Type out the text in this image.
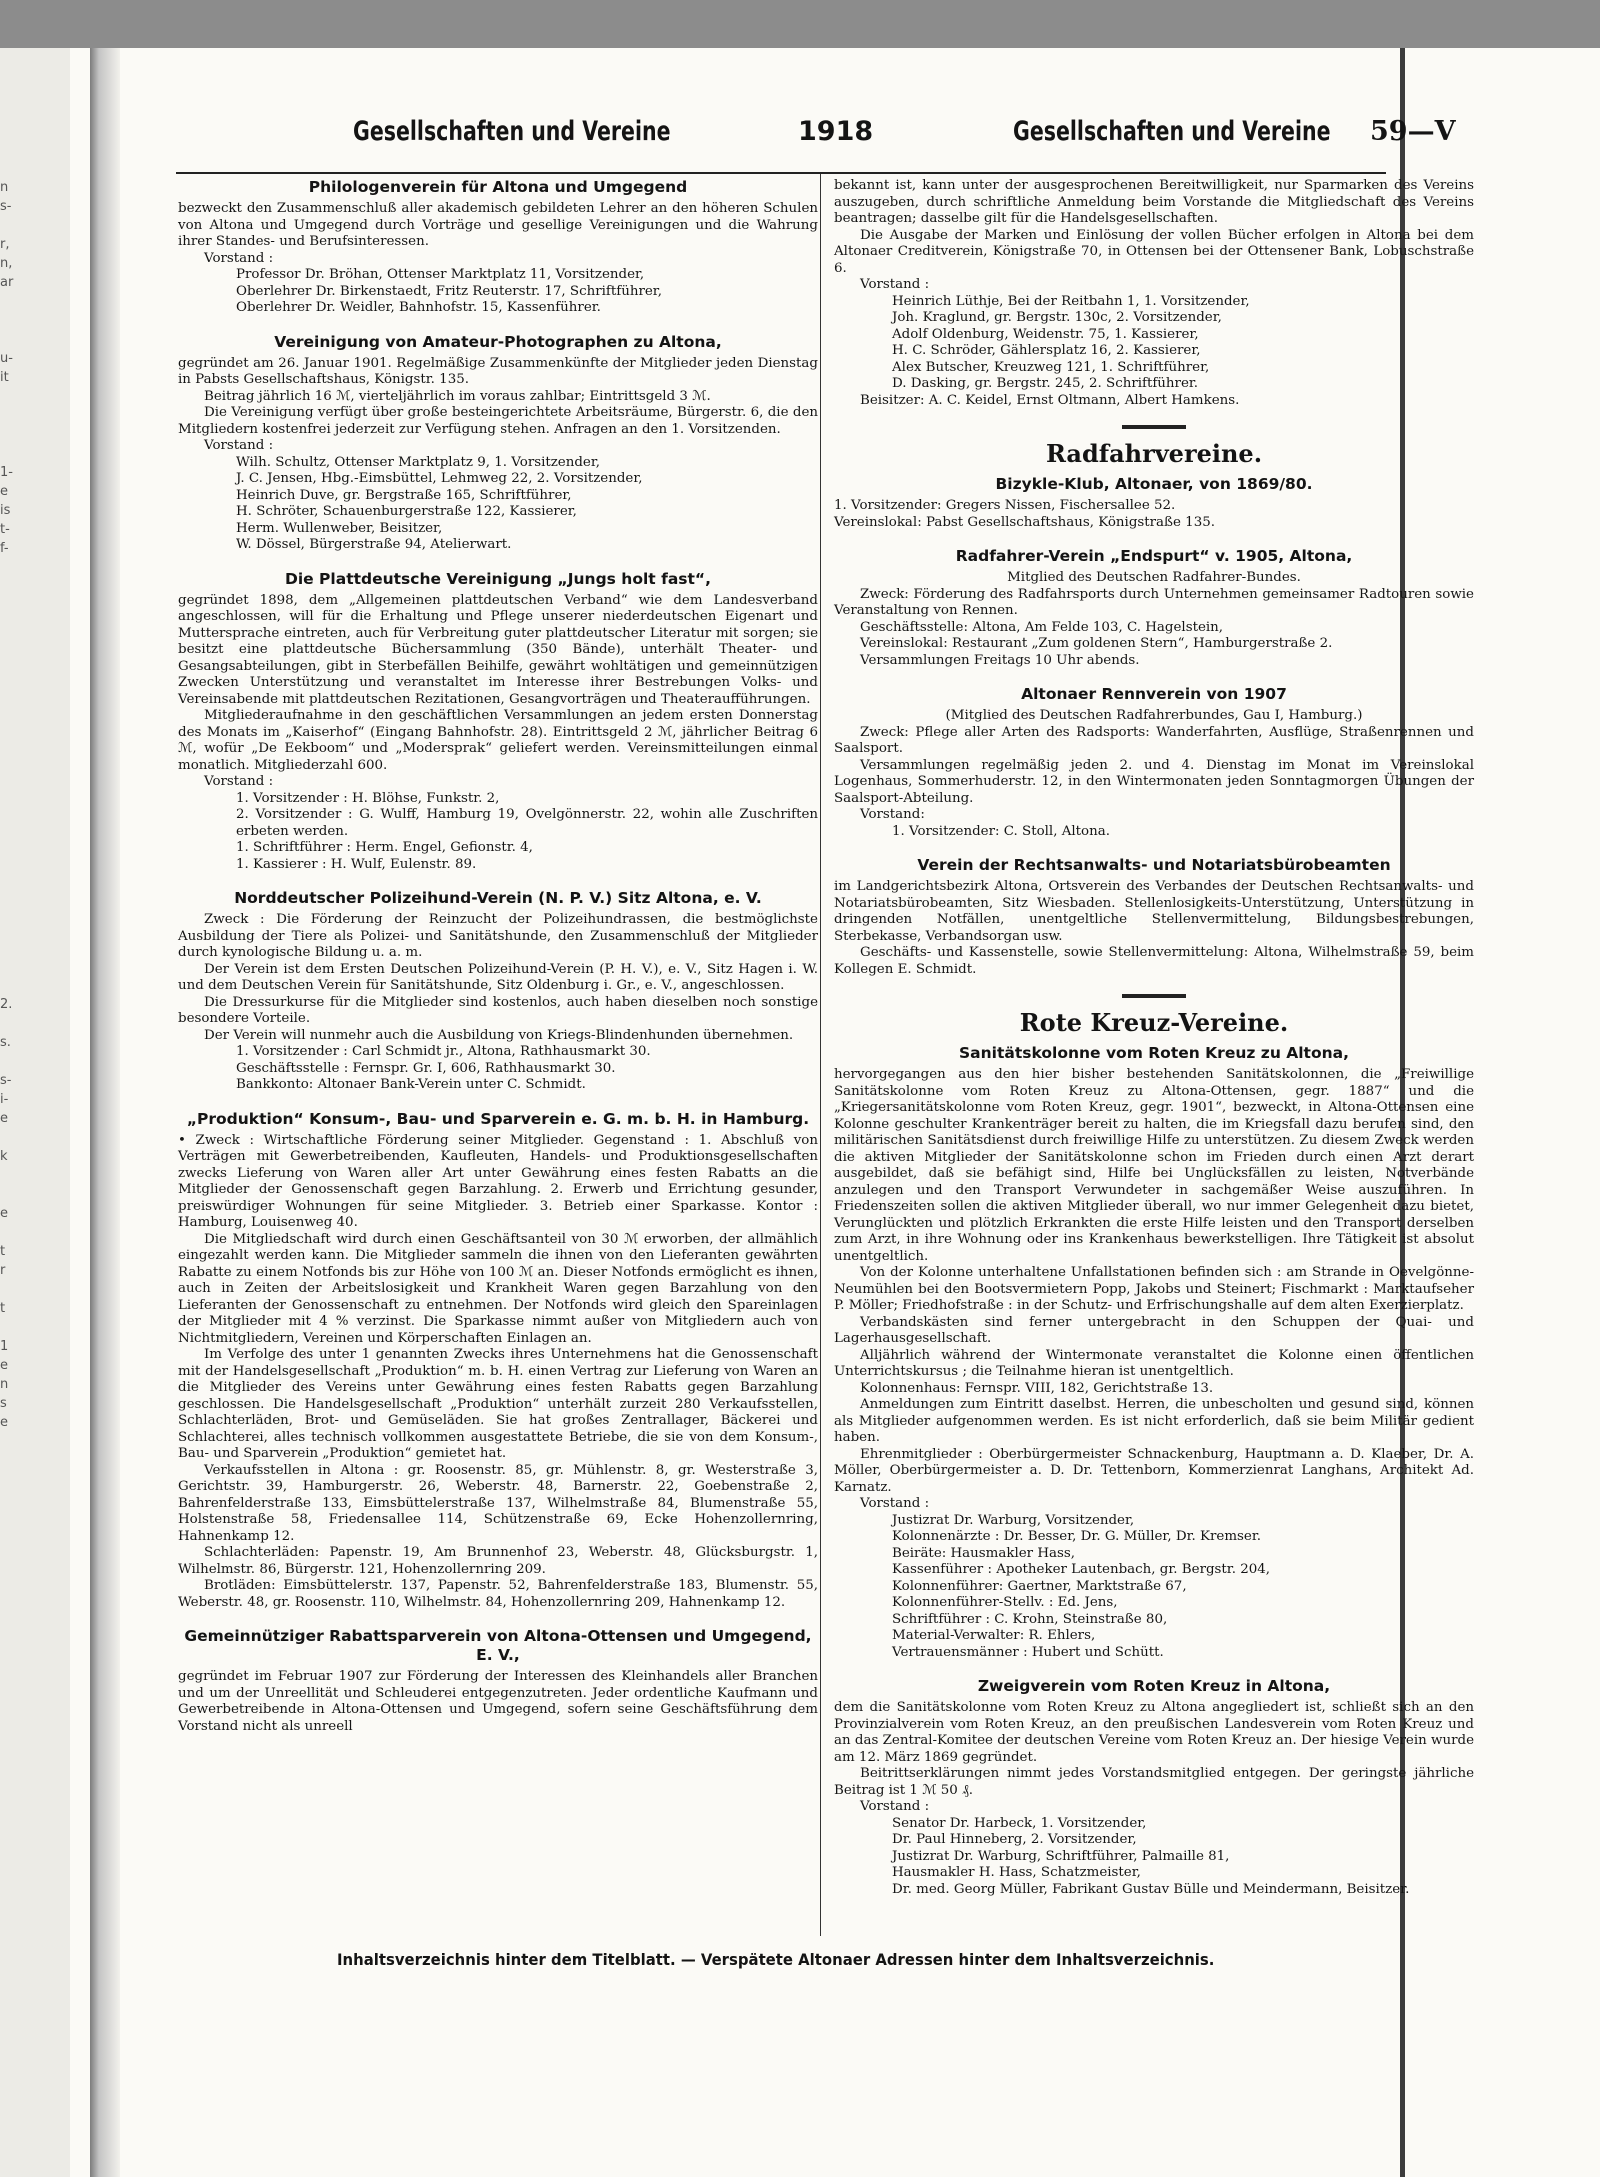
n
s-
r,
n,
ar
u-
it
1-
e
is
t-
f-
2.
s.
s-
i-
e
k
e
t
r
t
1
e
n
s
e
Gesellschaften und Vereine	1918	Gesellschaften und Vereine 59—V
Philologenverein für Altona und Umgegend

bezweckt den Zusammenschluß aller akademisch gebildeten Lehrer an den höheren Schulen von Altona und Umgegend durch Vorträge und gesellige Vereinigungen und die Wahrung ihrer Standes- und Berufsinteressen.

Vorstand :

Professor Dr. Bröhan, Ottenser Marktplatz 11, Vorsitzender,

Oberlehrer Dr. Birkenstaedt, Fritz Reuterstr. 17, Schriftführer,

Oberlehrer Dr. Weidler, Bahnhofstr. 15, Kassenführer.

Vereinigung von Amateur-Photographen zu Altona,

gegründet am 26. Januar 1901. Regelmäßige Zusammenkünfte der Mitglieder jeden Dienstag in Pabsts Gesellschaftshaus, Königstr. 135.

Beitrag jährlich 16 ℳ, vierteljährlich im voraus zahlbar; Eintrittsgeld 3 ℳ.

Die Vereinigung verfügt über große besteingerichtete Arbeitsräume, Bürgerstr. 6, die den Mitgliedern kostenfrei jederzeit zur Verfügung stehen. Anfragen an den 1. Vorsitzenden.

Vorstand :

Wilh. Schultz, Ottenser Marktplatz 9, 1. Vorsitzender,

J. C. Jensen, Hbg.-Eimsbüttel, Lehmweg 22, 2. Vorsitzender,

Heinrich Duve, gr. Bergstraße 165, Schriftführer,

H. Schröter, Schauenburgerstraße 122, Kassierer,

Herm. Wullenweber, Beisitzer,

W. Dössel, Bürgerstraße 94, Atelierwart.

Die Plattdeutsche Vereinigung „Jungs holt fast“,

gegründet 1898, dem „Allgemeinen plattdeutschen Verband“ wie dem Landesverband angeschlossen, will für die Erhaltung und Pflege unserer niederdeutschen Eigenart und Muttersprache eintreten, auch für Verbreitung guter plattdeutscher Literatur mit sorgen; sie besitzt eine plattdeutsche Büchersammlung (350 Bände), unterhält Theater- und Gesangsabteilungen, gibt in Sterbefällen Beihilfe, gewährt wohltätigen und gemeinnützigen Zwecken Unterstützung und veranstaltet im Interesse ihrer Bestrebungen Volks- und Vereinsabende mit plattdeutschen Rezitationen, Gesangvorträgen und Theateraufführungen.

Mitgliederaufnahme in den geschäftlichen Versammlungen an jedem ersten Donnerstag des Monats im „Kaiserhof“ (Eingang Bahnhofstr. 28). Eintrittsgeld 2 ℳ, jährlicher Beitrag 6 ℳ, wofür „De Eekboom“ und „Modersprak“ geliefert werden. Vereinsmitteilungen einmal monatlich. Mitgliederzahl 600.

Vorstand :

1. Vorsitzender : H. Blöhse, Funkstr. 2,

2. Vorsitzender : G. Wulff, Hamburg 19, Ovelgönnerstr. 22, wohin alle Zuschriften erbeten werden.

1. Schriftführer : Herm. Engel, Gefionstr. 4,

1. Kassierer : H. Wulf, Eulenstr. 89.

Norddeutscher Polizeihund-Verein (N. P. V.) Sitz Altona, e. V.

Zweck : Die Förderung der Reinzucht der Polizeihundrassen, die bestmöglichste Ausbildung der Tiere als Polizei- und Sanitätshunde, den Zusammenschluß der Mitglieder durch kynologische Bildung u. a. m.

Der Verein ist dem Ersten Deutschen Polizeihund-Verein (P. H. V.), e. V., Sitz Hagen i. W. und dem Deutschen Verein für Sanitätshunde, Sitz Oldenburg i. Gr., e. V., angeschlossen.

Die Dressurkurse für die Mitglieder sind kostenlos, auch haben dieselben noch sonstige besondere Vorteile.

Der Verein will nunmehr auch die Ausbildung von Kriegs-Blindenhunden übernehmen.

1. Vorsitzender : Carl Schmidt jr., Altona, Rathhausmarkt 30.

Geschäftsstelle : Fernspr. Gr. I, 606, Rathhausmarkt 30.

Bankkonto: Altonaer Bank-Verein unter C. Schmidt.

„Produktion“ Konsum-, Bau- und Sparverein e. G. m. b. H. in Hamburg.

• Zweck : Wirtschaftliche Förderung seiner Mitglieder. Gegenstand : 1. Abschluß von Verträgen mit Gewerbetreibenden, Kaufleuten, Handels- und Produktionsgesellschaften zwecks Lieferung von Waren aller Art unter Gewährung eines festen Rabatts an die Mitglieder der Genossenschaft gegen Barzahlung. 2. Erwerb und Errichtung gesunder, preiswürdiger Wohnungen für seine Mitglieder. 3. Betrieb einer Sparkasse. Kontor : Hamburg, Louisenweg 40.

Die Mitgliedschaft wird durch einen Geschäftsanteil von 30 ℳ erworben, der allmählich eingezahlt werden kann. Die Mitglieder sammeln die ihnen von den Lieferanten gewährten Rabatte zu einem Notfonds bis zur Höhe von 100 ℳ an. Dieser Notfonds ermöglicht es ihnen, auch in Zeiten der Arbeitslosigkeit und Krankheit Waren gegen Barzahlung von den Lieferanten der Genossenschaft zu entnehmen. Der Notfonds wird gleich den Spareinlagen der Mitglieder mit 4 % verzinst. Die Sparkasse nimmt außer von Mitgliedern auch von Nichtmitgliedern, Vereinen und Körperschaften Einlagen an.

Im Verfolge des unter 1 genannten Zwecks ihres Unternehmens hat die Genossenschaft mit der Handelsgesellschaft „Produktion“ m. b. H. einen Vertrag zur Lieferung von Waren an die Mitglieder des Vereins unter Gewährung eines festen Rabatts gegen Barzahlung geschlossen. Die Handelsgesellschaft „Produktion“ unterhält zurzeit 280 Verkaufsstellen, Schlachterläden, Brot- und Gemüseläden. Sie hat großes Zentrallager, Bäckerei und Schlachterei, alles technisch vollkommen ausgestattete Betriebe, die sie von dem Konsum-, Bau- und Sparverein „Produktion“ gemietet hat.

Verkaufsstellen in Altona : gr. Roosenstr. 85, gr. Mühlenstr. 8, gr. Westerstraße 3, Gerichtstr. 39, Hamburgerstr. 26, Weberstr. 48, Barnerstr. 22, Goebenstraße 2, Bahrenfelderstraße 133, Eimsbüttelerstraße 137, Wilhelmstraße 84, Blumenstraße 55, Holstenstraße 58, Friedensallee 114, Schützenstraße 69, Ecke Hohenzollernring, Hahnenkamp 12.

Schlachterläden: Papenstr. 19, Am Brunnenhof 23, Weberstr. 48, Glücksburgstr. 1, Wilhelmstr. 86, Bürgerstr. 121, Hohenzollernring 209.

Brotläden: Eimsbüttelerstr. 137, Papenstr. 52, Bahrenfelderstraße 183, Blumenstr. 55, Weberstr. 48, gr. Roosenstr. 110, Wilhelmstr. 84, Hohenzollernring 209, Hahnenkamp 12.

Gemeinnütziger Rabattsparverein von Altona-Ottensen und Umgegend, E. V.,

gegründet im Februar 1907 zur Förderung der Interessen des Kleinhandels aller Branchen und um der Unreellität und Schleuderei entgegenzutreten. Jeder ordentliche Kaufmann und Gewerbetreibende in Altona-Ottensen und Umgegend, sofern seine Geschäftsführung dem Vorstand nicht als unreell

bekannt ist, kann unter der ausgesprochenen Bereitwilligkeit, nur Sparmarken des Vereins auszugeben, durch schriftliche Anmeldung beim Vorstande die Mitgliedschaft des Vereins beantragen; dasselbe gilt für die Handelsgesellschaften.

Die Ausgabe der Marken und Einlösung der vollen Bücher erfolgen in Altona bei dem Altonaer Creditverein, Königstraße 70, in Ottensen bei der Ottensener Bank, Lobuschstraße 6.

Vorstand :

Heinrich Lüthje, Bei der Reitbahn 1, 1. Vorsitzender,

Joh. Kraglund, gr. Bergstr. 130c, 2. Vorsitzender,

Adolf Oldenburg, Weidenstr. 75, 1. Kassierer,

H. C. Schröder, Gählersplatz 16, 2. Kassierer,

Alex Butscher, Kreuzweg 121, 1. Schriftführer,

D. Dasking, gr. Bergstr. 245, 2. Schriftführer.

Beisitzer: A. C. Keidel, Ernst Oltmann, Albert Hamkens.

Radfahrvereine.
Bizykle-Klub, Altonaer, von 1869/80.

1. Vorsitzender: Gregers Nissen, Fischersallee 52.

Vereinslokal: Pabst Gesellschaftshaus, Königstraße 135.

Radfahrer-Verein „Endspurt“ v. 1905, Altona,

Mitglied des Deutschen Radfahrer-Bundes.

Zweck: Förderung des Radfahrsports durch Unternehmen gemeinsamer Radtouren sowie Veranstaltung von Rennen.

Geschäftsstelle: Altona, Am Felde 103, C. Hagelstein,

Vereinslokal: Restaurant „Zum goldenen Stern“, Hamburgerstraße 2.

Versammlungen Freitags 10 Uhr abends.

Altonaer Rennverein von 1907

(Mitglied des Deutschen Radfahrerbundes, Gau I, Hamburg.)

Zweck: Pflege aller Arten des Radsports: Wanderfahrten, Ausflüge, Straßenrennen und Saalsport.

Versammlungen regelmäßig jeden 2. und 4. Dienstag im Monat im Vereinslokal Logenhaus, Sommerhuderstr. 12, in den Wintermonaten jeden Sonntagmorgen Übungen der Saalsport-Abteilung.

Vorstand:

1. Vorsitzender: C. Stoll, Altona.

Verein der Rechtsanwalts- und Notariatsbürobeamten

im Landgerichtsbezirk Altona, Ortsverein des Verbandes der Deutschen Rechtsanwalts- und Notariatsbürobeamten, Sitz Wiesbaden. Stellenlosigkeits-Unterstützung, Unterstützung in dringenden Notfällen, unentgeltliche Stellenvermittelung, Bildungsbestrebungen, Sterbekasse, Verbandsorgan usw.

Geschäfts- und Kassenstelle, sowie Stellenvermittelung: Altona, Wilhelmstraße 59, beim Kollegen E. Schmidt.

Rote Kreuz-Vereine.
Sanitätskolonne vom Roten Kreuz zu Altona,

hervorgegangen aus den hier bisher bestehenden Sanitätskolonnen, die „Freiwillige Sanitätskolonne vom Roten Kreuz zu Altona-Ottensen, gegr. 1887“ und die „Kriegersanitätskolonne vom Roten Kreuz, gegr. 1901“, bezweckt, in Altona-Ottensen eine Kolonne geschulter Krankenträger bereit zu halten, die im Kriegsfall dazu berufen sind, den militärischen Sanitätsdienst durch freiwillige Hilfe zu unterstützen. Zu diesem Zweck werden die aktiven Mitglieder der Sanitätskolonne schon im Frieden durch einen Arzt derart ausgebildet, daß sie befähigt sind, Hilfe bei Unglücksfällen zu leisten, Notverbände anzulegen und den Transport Verwundeter in sachgemäßer Weise auszuführen. In Friedenszeiten sollen die aktiven Mitglieder überall, wo nur immer Gelegenheit dazu bietet, Verunglückten und plötzlich Erkrankten die erste Hilfe leisten und den Transport derselben zum Arzt, in ihre Wohnung oder ins Krankenhaus bewerkstelligen. Ihre Tätigkeit ist absolut unentgeltlich.

Von der Kolonne unterhaltene Unfallstationen befinden sich : am Strande in Oevelgönne-Neumühlen bei den Bootsvermietern Popp, Jakobs und Steinert; Fischmarkt : Marktaufseher P. Möller; Friedhofstraße : in der Schutz- und Erfrischungshalle auf dem alten Exerzierplatz.

Verbandskästen sind ferner untergebracht in den Schuppen der Quai- und Lagerhausgesellschaft.

Alljährlich während der Wintermonate veranstaltet die Kolonne einen öffentlichen Unterrichtskursus ; die Teilnahme hieran ist unentgeltlich.

Kolonnenhaus: Fernspr. VIII, 182, Gerichtstraße 13.

Anmeldungen zum Eintritt daselbst. Herren, die unbescholten und gesund sind, können als Mitglieder aufgenommen werden. Es ist nicht erforderlich, daß sie beim Militär gedient haben.

Ehrenmitglieder : Oberbürgermeister Schnackenburg, Hauptmann a. D. Klaeber, Dr. A. Möller, Oberbürgermeister a. D. Dr. Tettenborn, Kommerzienrat Langhans, Architekt Ad. Karnatz.

Vorstand :

Justizrat Dr. Warburg, Vorsitzender,

Kolonnenärzte : Dr. Besser, Dr. G. Müller, Dr. Kremser.

Beiräte: Hausmakler Hass,

Kassenführer : Apotheker Lautenbach, gr. Bergstr. 204,

Kolonnenführer: Gaertner, Marktstraße 67,

Kolonnenführer-Stellv. : Ed. Jens,

Schriftführer : C. Krohn, Steinstraße 80,

Material-Verwalter: R. Ehlers,

Vertrauensmänner : Hubert und Schütt.

Zweigverein vom Roten Kreuz in Altona,

dem die Sanitätskolonne vom Roten Kreuz zu Altona angegliedert ist, schließt sich an den Provinzialverein vom Roten Kreuz, an den preußischen Landesverein vom Roten Kreuz und an das Zentral-Komitee der deutschen Vereine vom Roten Kreuz an. Der hiesige Verein wurde am 12. März 1869 gegründet.

Beitrittserklärungen nimmt jedes Vorstandsmitglied entgegen. Der geringste jährliche Beitrag ist 1 ℳ 50 ₰.

Vorstand :

Senator Dr. Harbeck, 1. Vorsitzender,

Dr. Paul Hinneberg, 2. Vorsitzender,

Justizrat Dr. Warburg, Schriftführer, Palmaille 81,

Hausmakler H. Hass, Schatzmeister,

Dr. med. Georg Müller, Fabrikant Gustav Bülle und Meindermann, Beisitzer.

Inhaltsverzeichnis hinter dem Titelblatt. — Verspätete Altonaer Adressen hinter dem Inhaltsverzeichnis.
